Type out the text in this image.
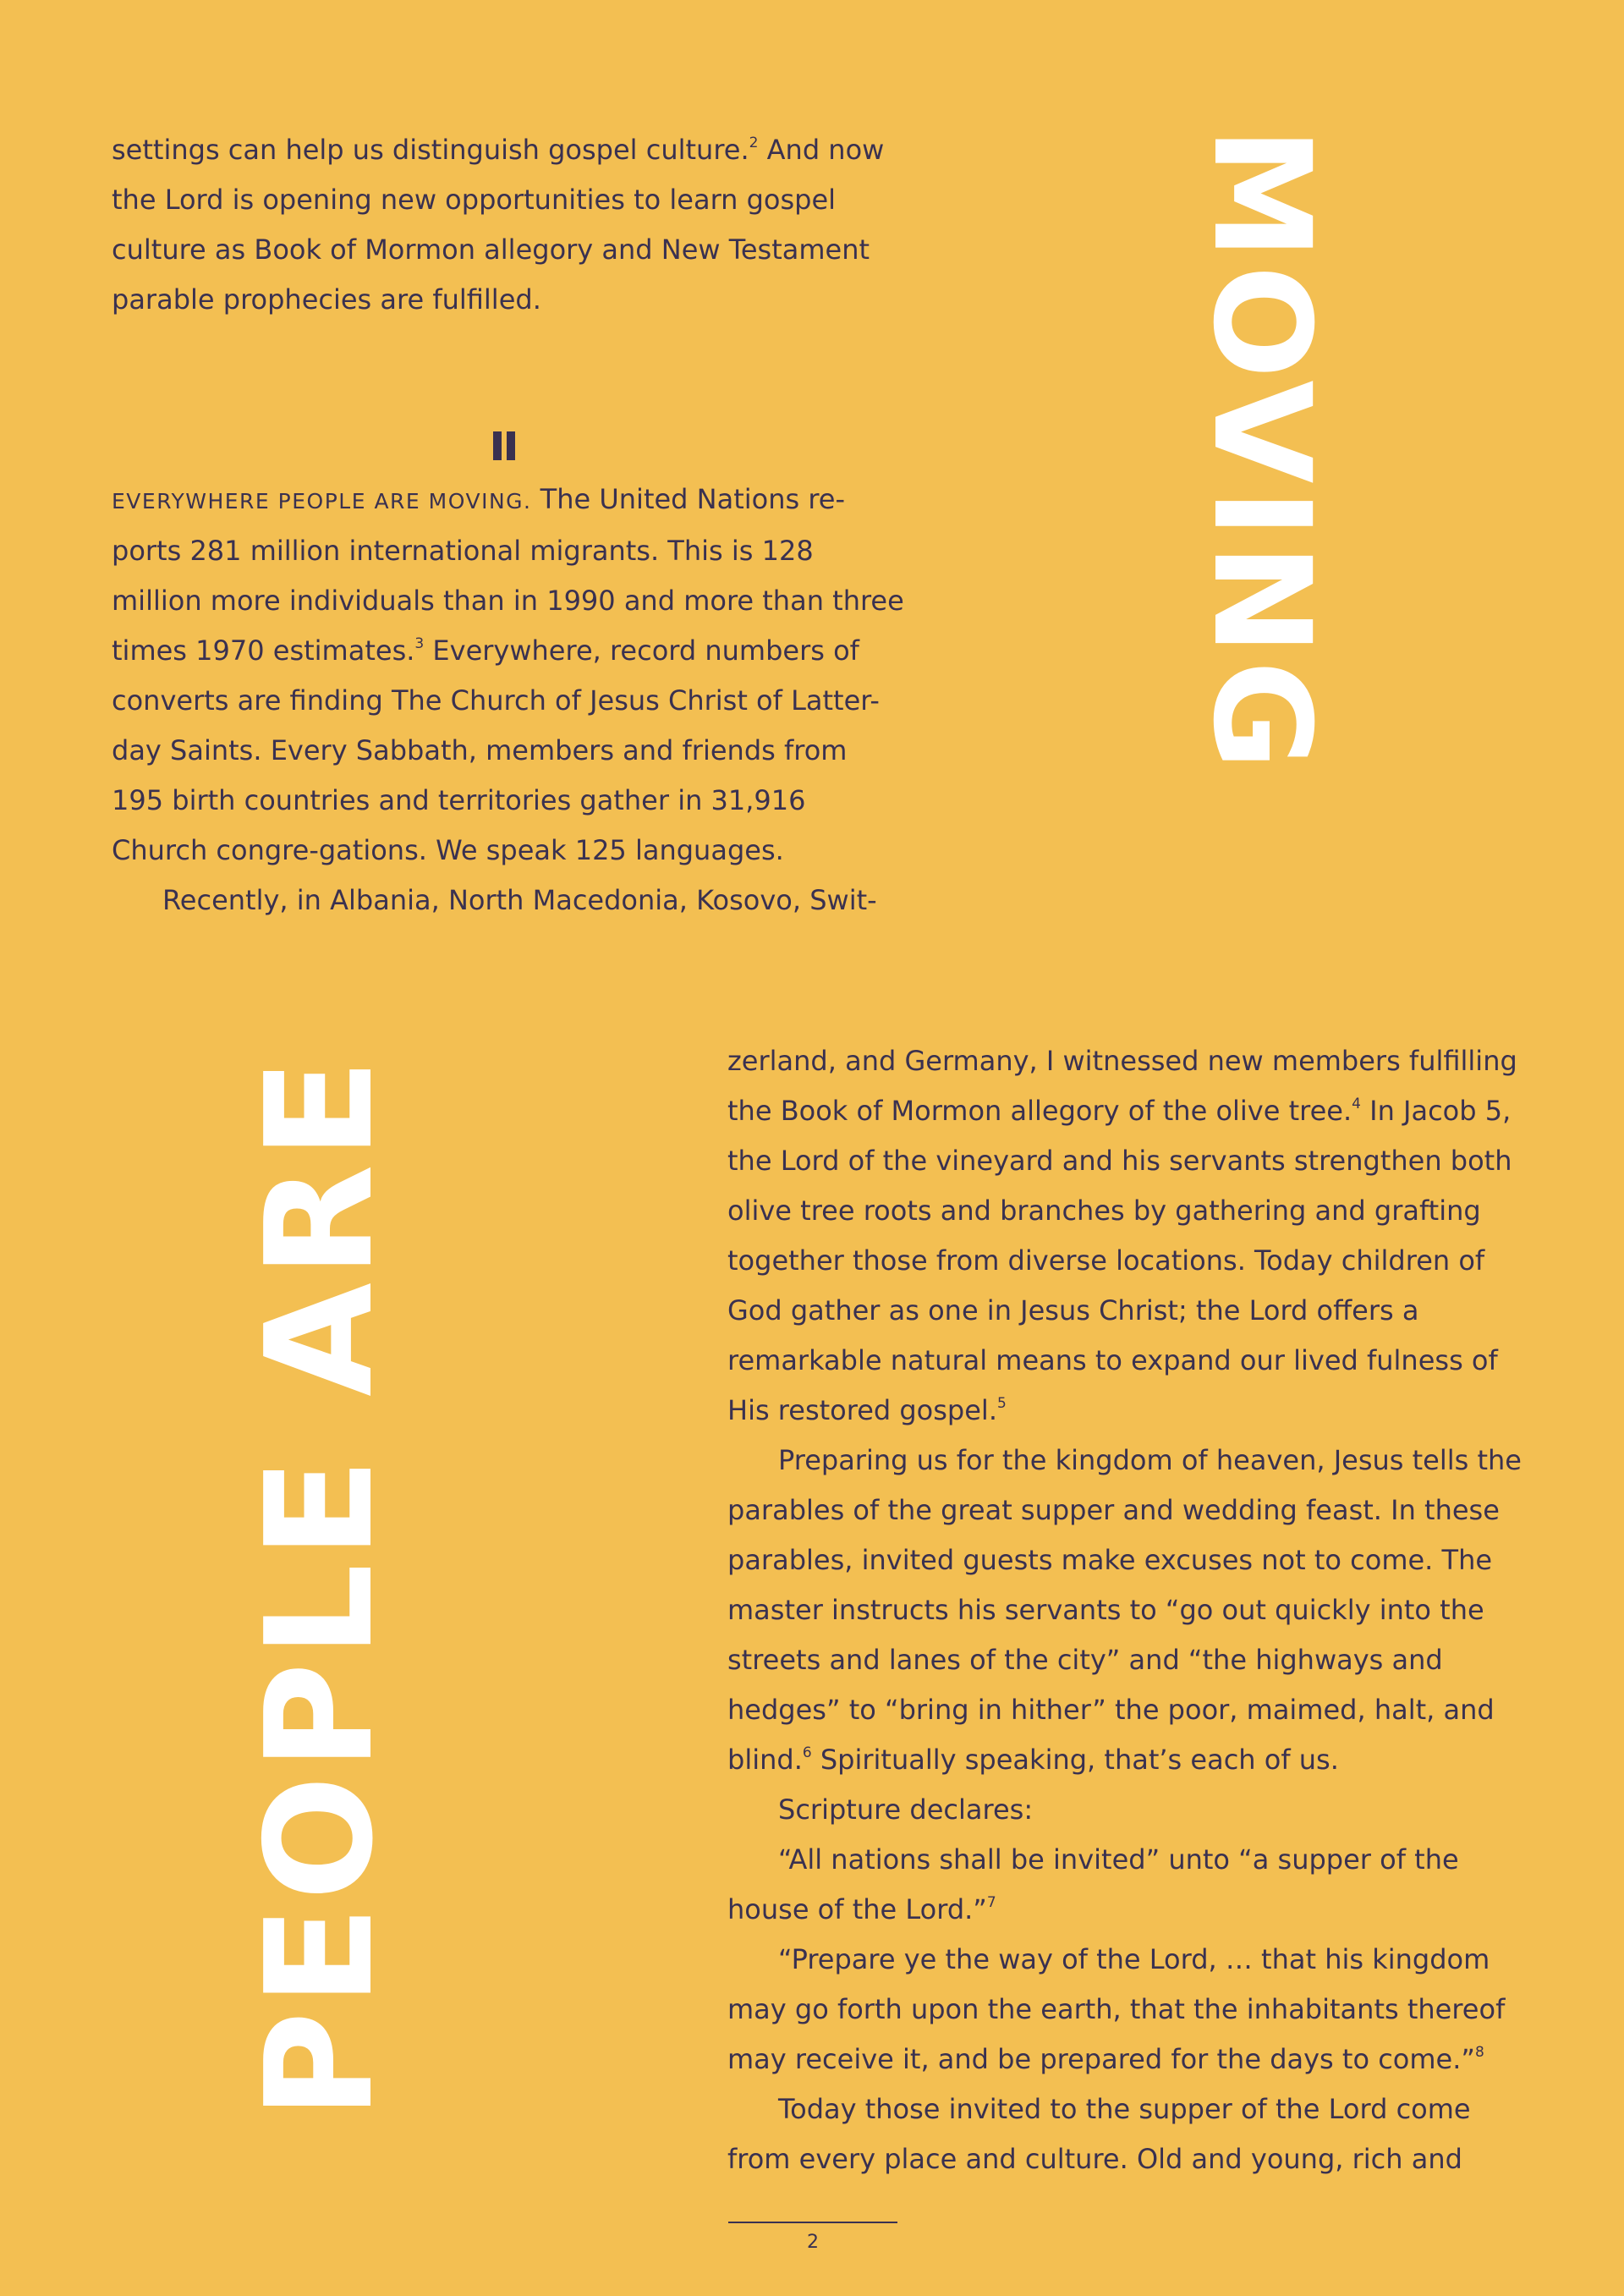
settings can help us distinguish gospel culture.$^2$ And now the Lord is opening new opportunities to learn gospel culture as Book of Mormon allegory and New Testament parable prophecies are fulfilled.

EVERYWHERE PEOPLE ARE MOVING. The United Nations re-ports 281 million international migrants. This is 128 million more individuals than in 1990 and more than three times 1970 estimates.$^3$ Everywhere, record numbers of converts are finding The Church of Jesus Christ of Latter-day Saints. Every Sabbath, members and friends from 195 birth countries and territories gather in 31,916 Church congre-gations. We speak 125 languages.

Recently, in Albania, North Macedonia, Kosovo, Swit-

zerland, and Germany, I witnessed new members fulfilling the Book of Mormon allegory of the olive tree.$^4$ In Jacob 5, the Lord of the vineyard and his servants strengthen both olive tree roots and branches by gathering and grafting together those from diverse locations. Today children of God gather as one in Jesus Christ; the Lord offers a remarkable natural means to expand our lived fulness of His restored gospel.$^5$

Preparing us for the kingdom of heaven, Jesus tells the parables of the great supper and wedding feast. In these parables, invited guests make excuses not to come. The master instructs his servants to “go out quickly into the streets and lanes of the city” and “the highways and hedges” to “bring in hither” the poor, maimed, halt, and blind.$^6$ Spiritually speaking, that’s each of us.

Scripture declares:

“All nations shall be invited” unto “a supper of the house of the Lord.”$^7$

“Prepare ye the way of the Lord, … that his kingdom may go forth upon the earth, that the inhabitants thereof may receive it, and be prepared for the days to come.”$^8$

Today those invited to the supper of the Lord come from every place and culture. Old and young, rich and

MOVING
PEOPLE ARE
2
